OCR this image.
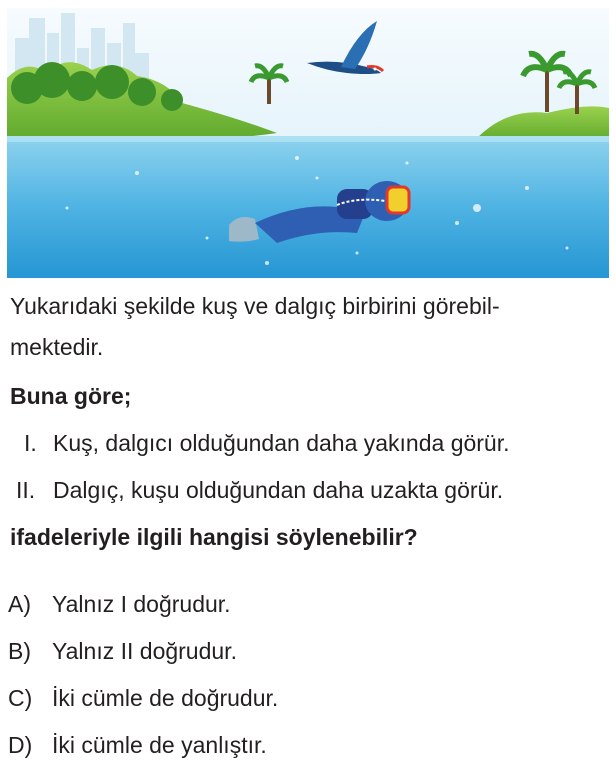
Yukarıdaki şekilde kuş ve dalgıç birbirini görebil-
mektedir.
Buna göre;
I. Kuş, dalgıcı olduğundan daha yakında görür.
II. Dalgıç, kuşu olduğundan daha uzakta görür.
ifadeleriyle ilgili hangisi söylenebilir?
A) Yalnız I doğrudur.
B) Yalnız II doğrudur.
C) İki cümle de doğrudur.
D) İki cümle de yanlıştır.
